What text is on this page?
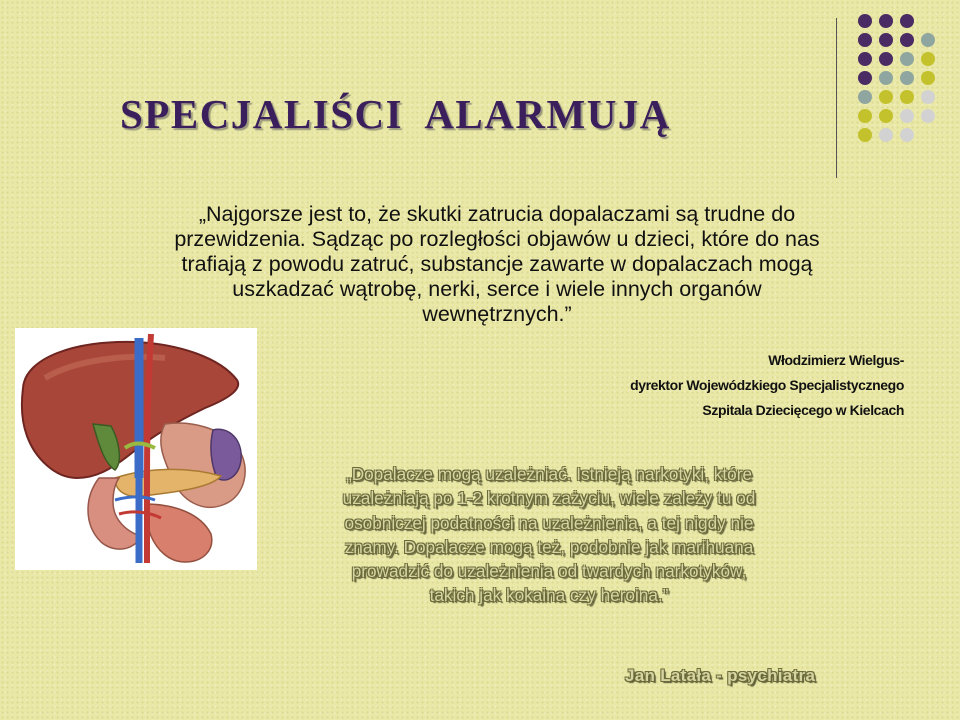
SPECJALIŚCI  ALARMUJĄ

„Najgorsze jest to, że skutki zatrucia dopalaczami są trudne do
przewidzenia. Sądząc po rozległości objawów u dzieci, które do nas
trafiają z powodu zatruć, substancje zawarte w dopalaczach mogą
uszkadzać wątrobę, nerki, serce i wiele innych organów
wewnętrznych.”

Włodzimierz Wielgus-
dyrektor Wojewódzkiego Specjalistycznego
Szpitala Dziecięcego w Kielcach

„Dopalacze mogą uzależniać. Istnieją narkotyki, które
uzależniają po 1-2 krotnym zażyciu, wiele zależy tu od
osobniczej podatności na uzależnienia, a tej nigdy nie
znamy. Dopalacze mogą też, podobnie jak marihuana
prowadzić do uzależnienia od twardych narkotyków,
takich jak kokaina czy heroina.”

Jan Latała - psychiatra
